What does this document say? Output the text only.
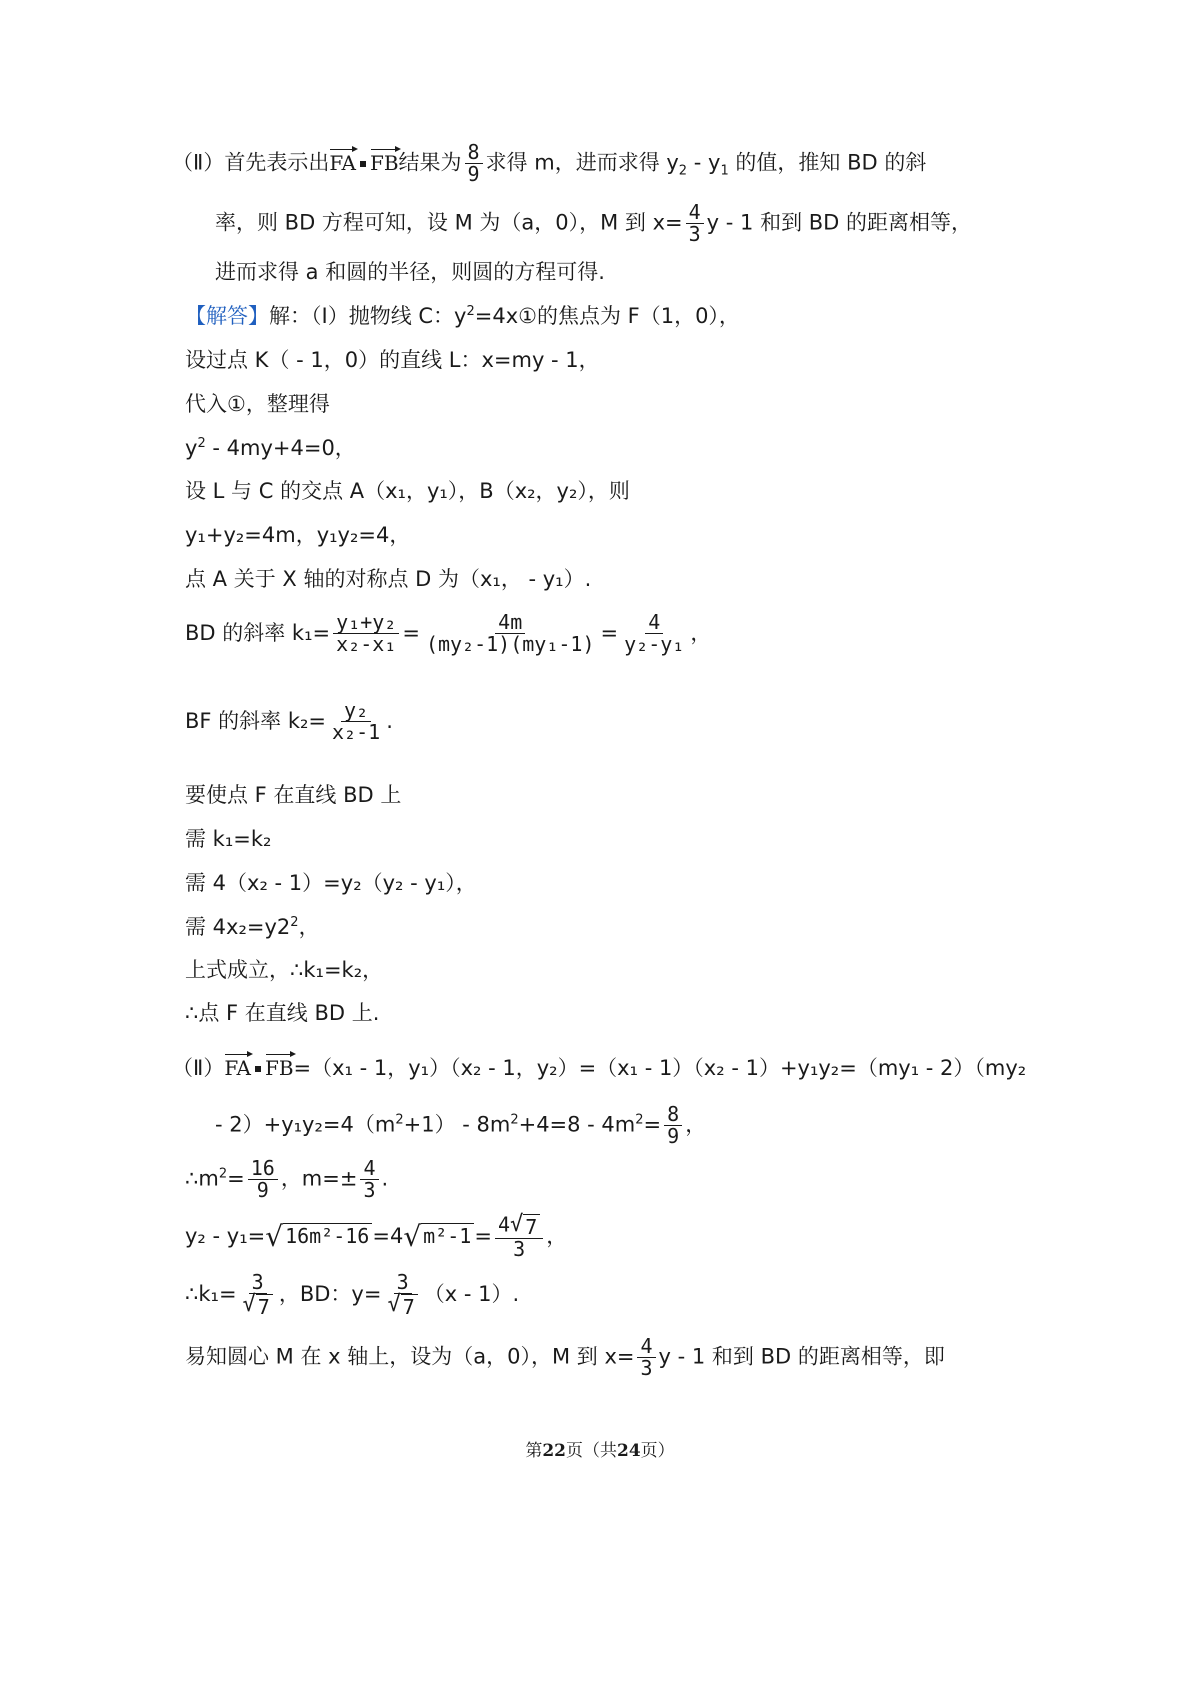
（Ⅱ）首先表示出FA FB结果为 $\frac{8}{9}$ 求得 m，进而求得 $y_2$ ‑ $y_1$ 的值，推知 BD 的斜
率，则 BD 方程可知，设 M 为（a，0），M 到 $x= \frac{4}{3}$ y ‑ 1 和到 BD 的距离相等，
进而求得 a 和圆的半径，则圆的方程可得.
【解答】解：（Ⅰ）抛物线 C：$y^2=4x①$的焦点为 F（1，0），
设过点 K（ ‑ 1，0）的直线 L：x=my ‑ 1，
代入①，整理得
$y^2$ ‑ 4my+4=0，
设 L 与 C 的交点 A（x₁，y₁），B（x₂，y₂），则
y₁+y₂=4m，y₁y₂=4，
点 A 关于 X 轴的对称点 D 为（x₁， ‑ y₁）.
BD 的斜率 $k_1= \frac{\text{y₁+y₂}}{\text{x₂‑x₁}} = \frac{4m}{\text{(my₂‑1)(my₁‑1)}} = \frac{4}{\text{y₂‑y₁}}$ ，
BF 的斜率 $k_2= \frac{\text{y₂}}{\text{x₂‑1}}$ .
要使点 F 在直线 BD 上
需 k₁=k₂
需 4（x₂ ‑ 1）=y₂（y₂ ‑ y₁），
需 $4x_2=y2^2$，
上式成立，∴k₁=k₂，
∴点 F 在直线 BD 上.
（Ⅱ）FA FB=（x₁ ‑ 1，y₁）（x₂ ‑ 1，y₂）=（x₁ ‑ 1）（x₂ ‑ 1）+y₁y₂=（my₁ ‑ 2）（my₂
‑ $2)+y_1y_2=4(m^2+1)$ ‑ $8m^2+4=8$ ‑ $4m^2= \frac{8}{9}$ ，
$\therefore m^2= \frac{16}{9}$ ，$m=\pm \frac{4}{3}$ .
y₂ ‑ y₁= √ 16m²‑16 =4 √ m²‑1 = $\frac{4 √ 7}{3}$ ，
∴k₁= $\frac{3}{√ 7}$ ，BD：$y= \frac{3}{√ 7} (x$ ‑ 1）.
易知圆心 M 在 x 轴上，设为（a，0），M 到 $x= \frac{4}{3}$ y ‑ 1 和到 BD 的距离相等，即
第22页（共24页）
